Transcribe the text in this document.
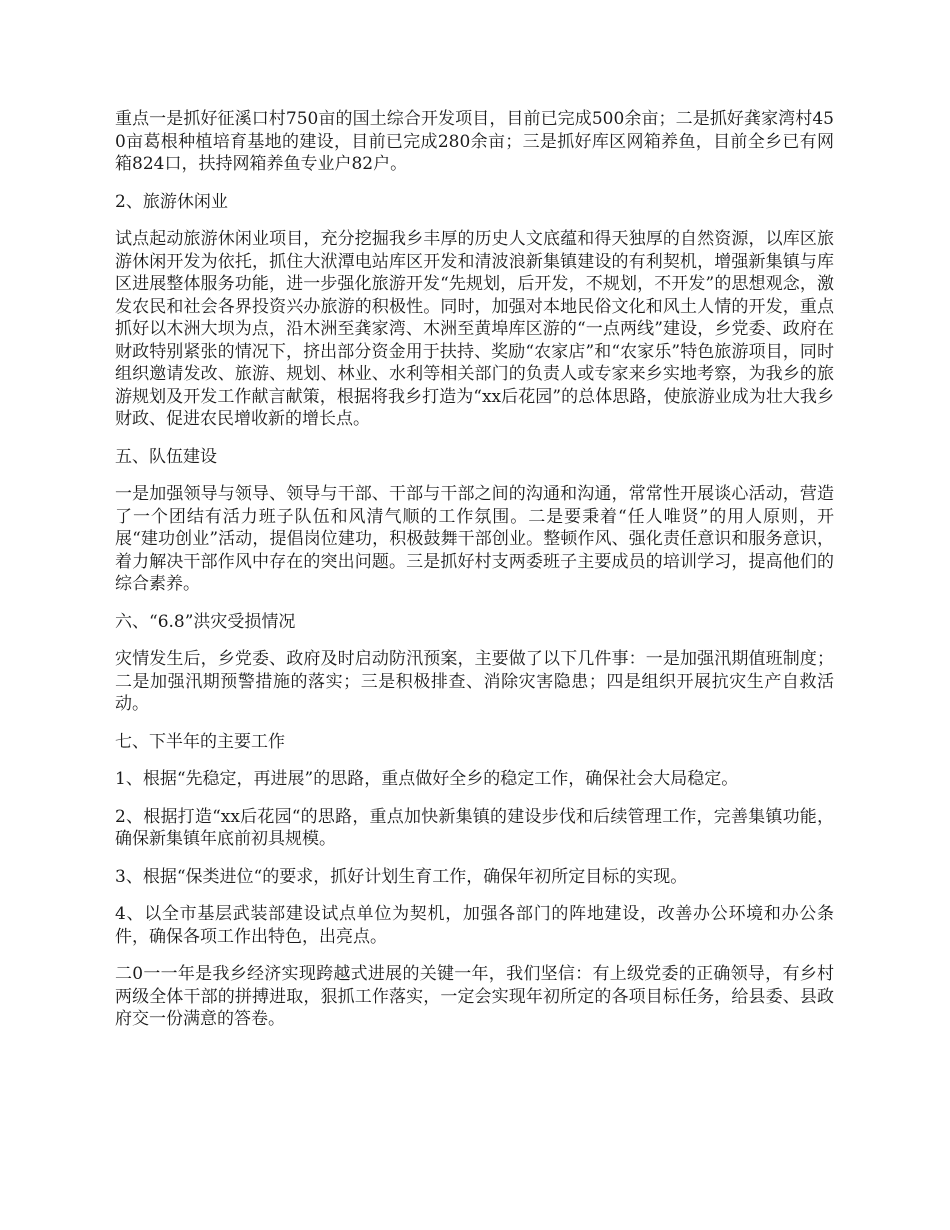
重点一是抓好征溪口村750亩的国土综合开发项目，目前已完成500余亩；二是抓好龚家湾村450亩葛根种植培育基地的建设，目前已完成280余亩；三是抓好库区网箱养鱼，目前全乡已有网箱824口，扶持网箱养鱼专业户82户。

2、旅游休闲业

试点起动旅游休闲业项目，充分挖掘我乡丰厚的历史人文底蕴和得天独厚的自然资源，以库区旅游休闲开发为依托，抓住大洑潭电站库区开发和清波浪新集镇建设的有利契机，增强新集镇与库区进展整体服务功能，进一步强化旅游开发“先规划，后开发，不规划，不开发”的思想观念，激发农民和社会各界投资兴办旅游的积极性。同时，加强对本地民俗文化和风土人情的开发，重点抓好以木洲大坝为点，沿木洲至龚家湾、木洲至黄埠库区游的“一点两线”建设，乡党委、政府在财政特别紧张的情况下，挤出部分资金用于扶持、奖励“农家店”和“农家乐”特色旅游项目，同时组织邀请发改、旅游、规划、林业、水利等相关部门的负责人或专家来乡实地考察，为我乡的旅游规划及开发工作献言献策，根据将我乡打造为“xx后花园”的总体思路，使旅游业成为壮大我乡财政、促进农民增收新的增长点。

五、队伍建设

一是加强领导与领导、领导与干部、干部与干部之间的沟通和沟通，常常性开展谈心活动，营造了一个团结有活力班子队伍和风清气顺的工作氛围。二是要秉着“任人唯贤”的用人原则，开展“建功创业”活动，提倡岗位建功，积极鼓舞干部创业。整顿作风、强化责任意识和服务意识，着力解决干部作风中存在的突出问题。三是抓好村支两委班子主要成员的培训学习，提高他们的综合素养。

六、“6.8”洪灾受损情况

灾情发生后，乡党委、政府及时启动防汛预案，主要做了以下几件事：一是加强汛期值班制度；二是加强汛期预警措施的落实；三是积极排查、消除灾害隐患；四是组织开展抗灾生产自救活动。

七、下半年的主要工作

1、根据“先稳定，再进展”的思路，重点做好全乡的稳定工作，确保社会大局稳定。

2、根据打造“xx后花园“的思路，重点加快新集镇的建设步伐和后续管理工作，完善集镇功能，确保新集镇年底前初具规模。

3、根据“保类进位“的要求，抓好计划生育工作，确保年初所定目标的实现。

4、以全市基层武装部建设试点单位为契机，加强各部门的阵地建设，改善办公环境和办公条件，确保各项工作出特色，出亮点。

二0一一年是我乡经济实现跨越式进展的关键一年，我们坚信：有上级党委的正确领导，有乡村两级全体干部的拼搏进取，狠抓工作落实，一定会实现年初所定的各项目标任务，给县委、县政府交一份满意的答卷。
